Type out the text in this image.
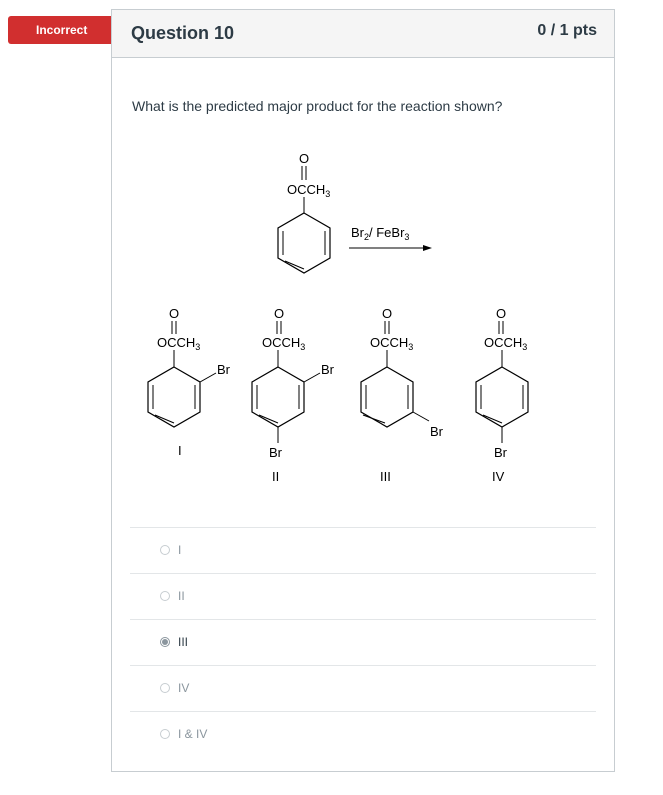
Incorrect	Question 10	0 / 1 pts
What is the predicted major product for the reaction shown?
O
$OCCH_3$
$Br_2/$ FeBr$_3$
O
$OCCH_3$
Br
I
O
$OCCH_3$
Br
Br
II
O
$OCCH_3$
Br
III
O
$OCCH_3$
Br
IV
I
II
III
IV
I & IV
